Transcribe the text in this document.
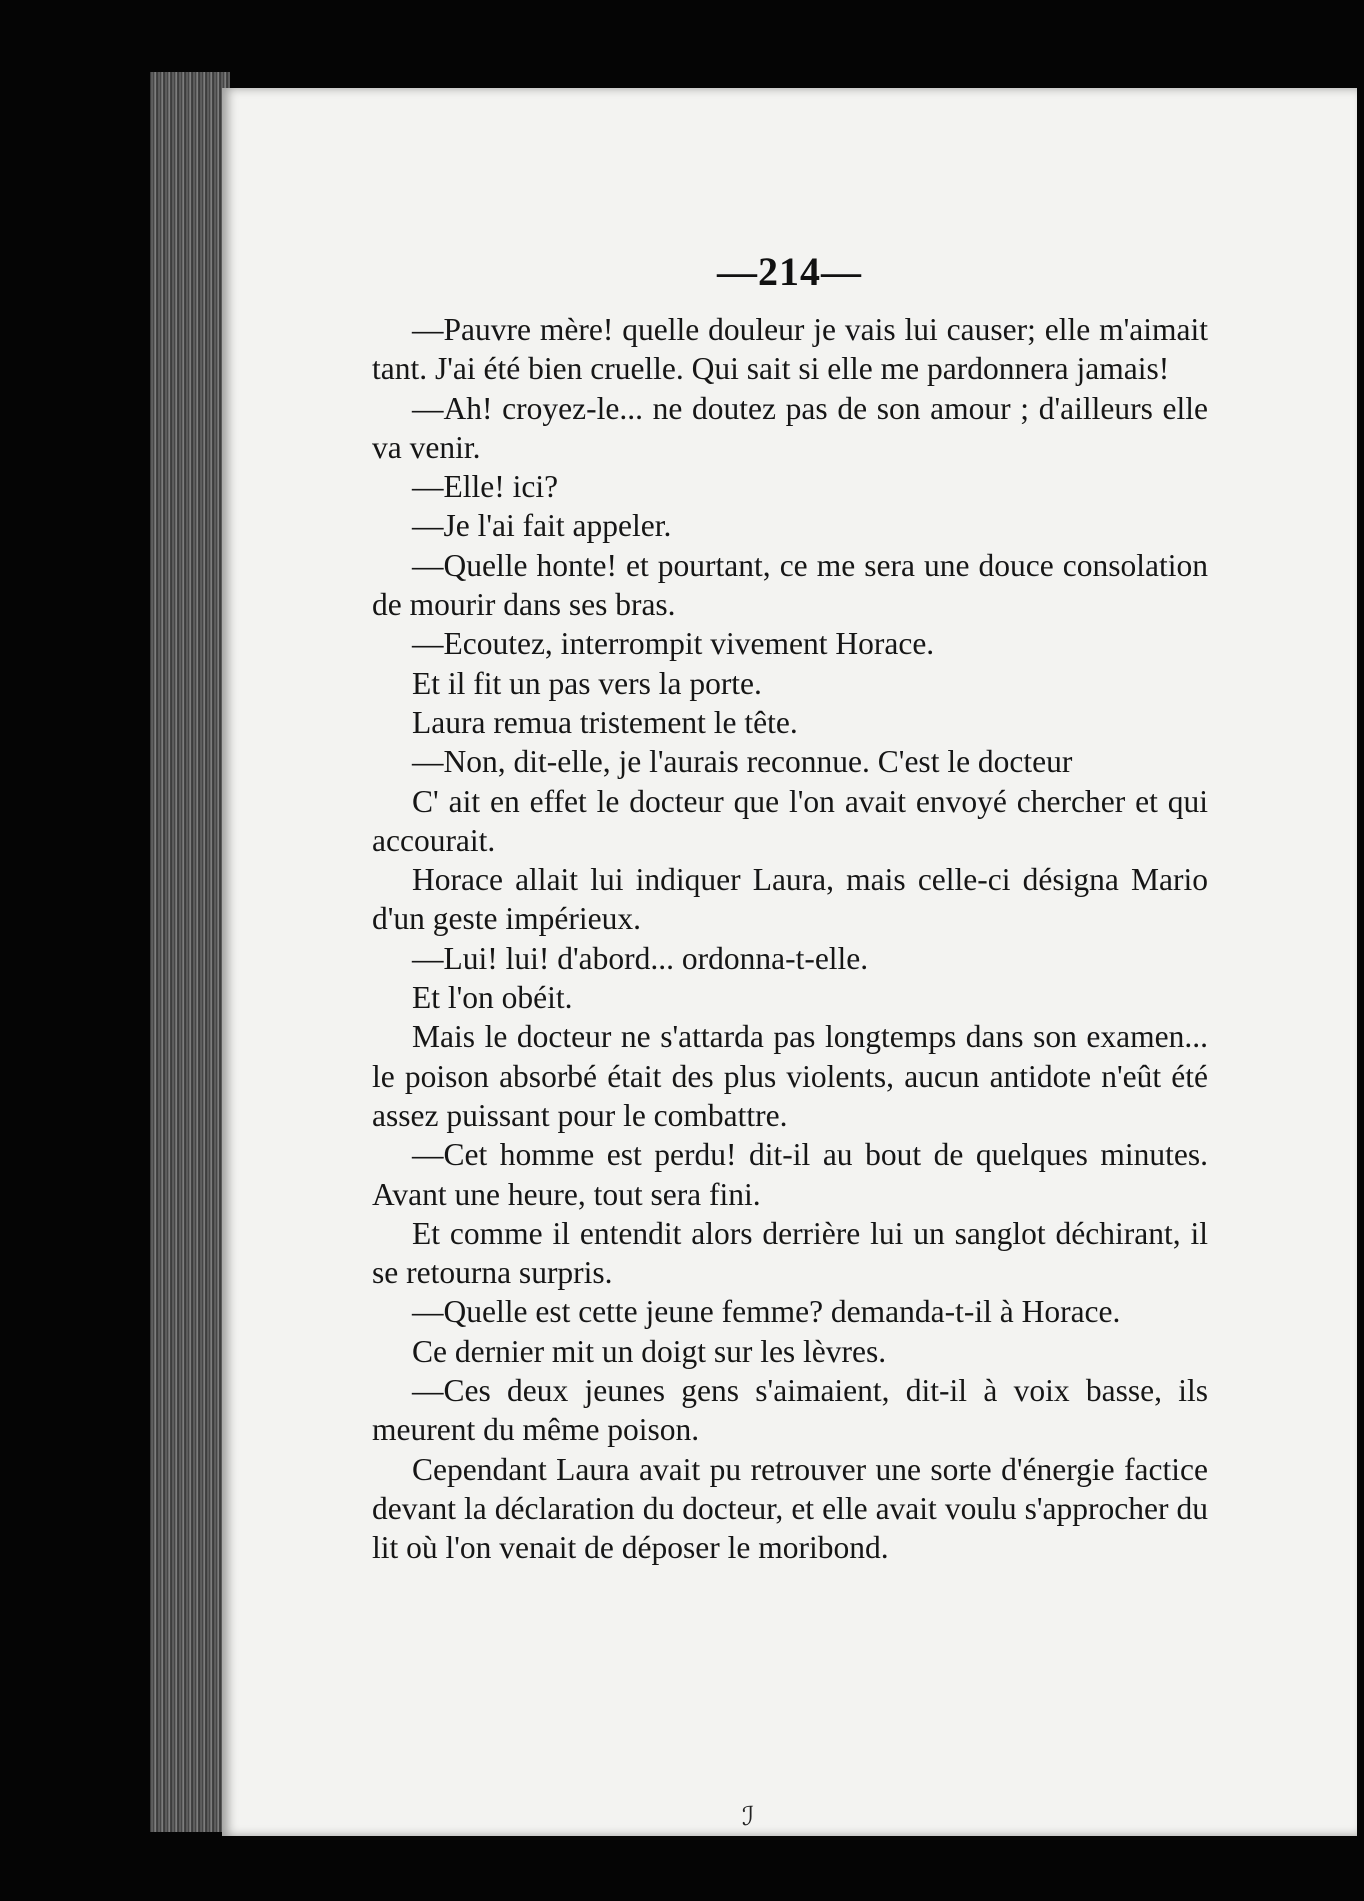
—214—

—Pauvre mère! quelle douleur je vais lui causer; elle m'aimait tant. J'ai été bien cruelle. Qui sait si elle me pardonnera jamais!

—Ah! croyez-le... ne doutez pas de son amour ; d'ailleurs elle va venir.

—Elle! ici?

—Je l'ai fait appeler.

—Quelle honte! et pourtant, ce me sera une douce consolation de mourir dans ses bras.

—Ecoutez, interrompit vivement Horace.

Et il fit un pas vers la porte.

Laura remua tristement le tête.

—Non, dit-elle, je l'aurais reconnue. C'est le docteur

C' ait en effet le docteur que l'on avait envoyé chercher et qui accourait.

Horace allait lui indiquer Laura, mais celle-ci désigna Mario d'un geste impérieux.

—Lui! lui! d'abord... ordonna-t-elle.

Et l'on obéit.

Mais le docteur ne s'attarda pas longtemps dans son examen... le poison absorbé était des plus violents, aucun antidote n'eût été assez puissant pour le combattre.

—Cet homme est perdu! dit-il au bout de quelques minutes. Avant une heure, tout sera fini.

Et comme il entendit alors derrière lui un sanglot déchirant, il se retourna surpris.

—Quelle est cette jeune femme? demanda-t-il à Horace.

Ce dernier mit un doigt sur les lèvres.

—Ces deux jeunes gens s'aimaient, dit-il à voix basse, ils meurent du même poison.

Cependant Laura avait pu retrouver une sorte d'énergie factice devant la déclaration du docteur, et elle avait voulu s'approcher du lit où l'on venait de déposer le moribond.

ℐ
